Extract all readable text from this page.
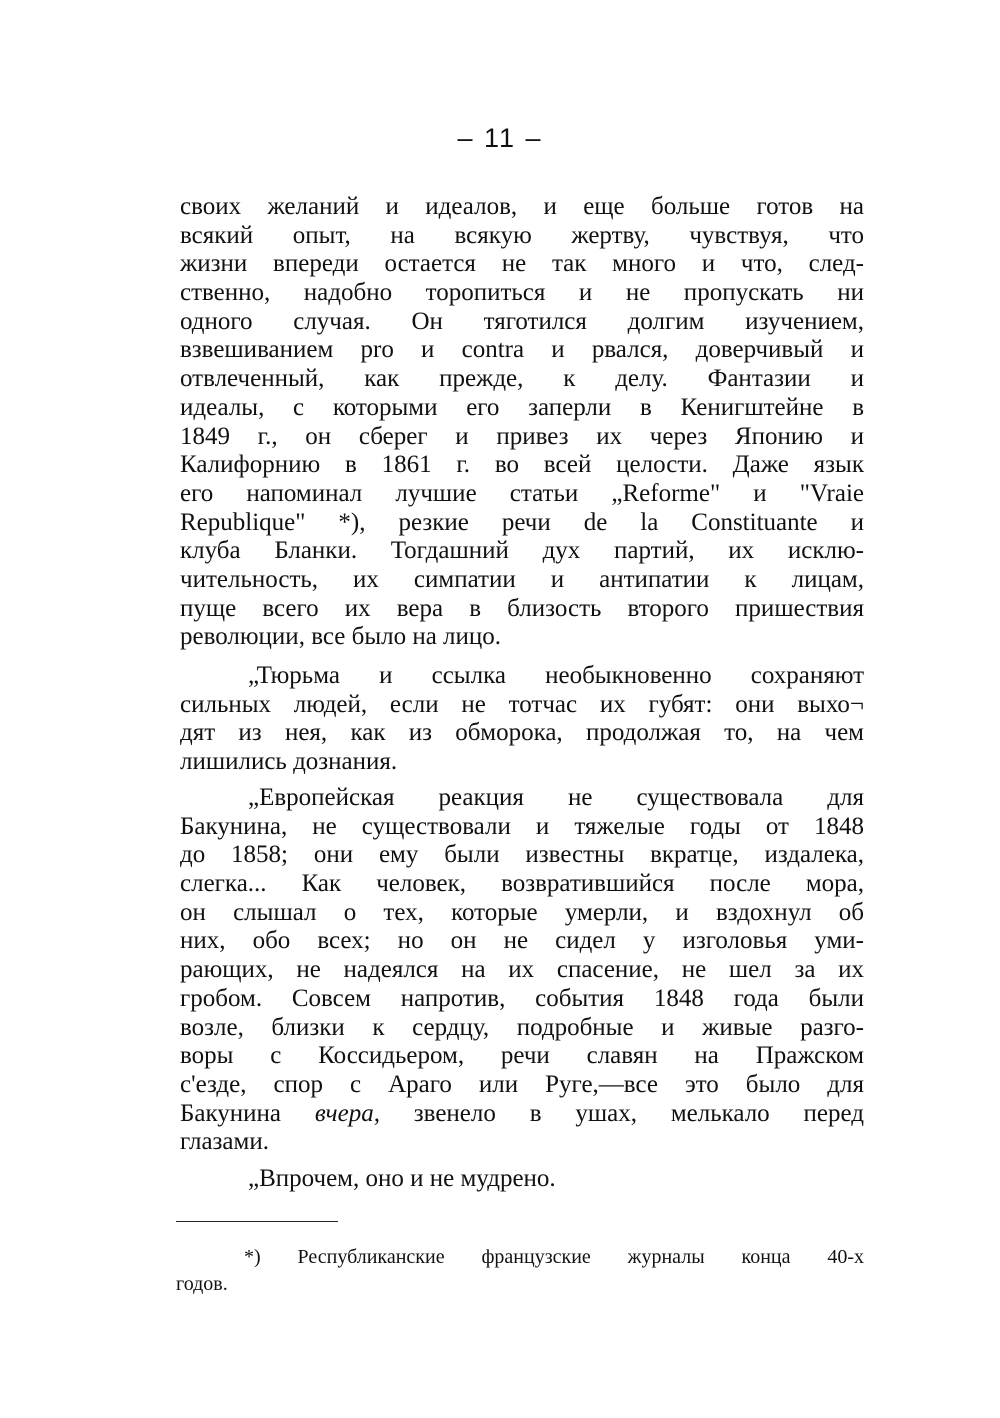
– 11 –
своих желаний и идеалов, и еще больше готов на
всякий опыт, на всякую жертву, чувствуя, что
жизни впереди остается не так много и что, след-
ственно, надобно торопиться и не пропускать ни
одного случая. Он тяготился долгим изучением,
взвешиванием pro и contra и рвался, доверчивый и
отвлеченный, как прежде, к делу. Фантазии и
идеалы, с которыми его заперли в Кенигштейне в
1849 г., он сберег и привез их через Японию и
Калифорнию в 1861 г. во всей целости. Даже язык
его напоминал лучшие статьи „Reforme" и "Vraie
Republique" *), резкие речи de la Constituante и
клуба Бланки. Тогдашний дух партий, их исклю-
чительность, их симпатии и антипатии к лицам,
пуще всего их вера в близость второго пришествия
революции, все было на лицо.
„Тюрьма и ссылка необыкновенно сохраняют
сильных людей, если не тотчас их губят: они выхо¬
дят из нея, как из обморока, продолжая то, на чем
лишились дознания.
„Европейская реакция не существовала для
Бакунина, не существовали и тяжелые годы от 1848
до 1858; они ему были известны вкратце, издалека,
слегка... Как человек, возвратившийся после мора,
он слышал о тех, которые умерли, и вздохнул об
них, обо всех; но он не сидел у изголовья уми-
рающих, не надеялся на их спасение, не шел за их
гробом. Совсем напротив, события 1848 года были
возле, близки к сердцу, подробные и живые разго-
воры с Коссидьером, речи славян на Пражском
с'езде, спор с Араго или Руге,—все это было для
Бакунина вчера, звенело в ушах, мелькало перед
глазами.
„Впрочем, оно и не мудрено.
*) Республиканские французские журналы конца 40-х
годов.
